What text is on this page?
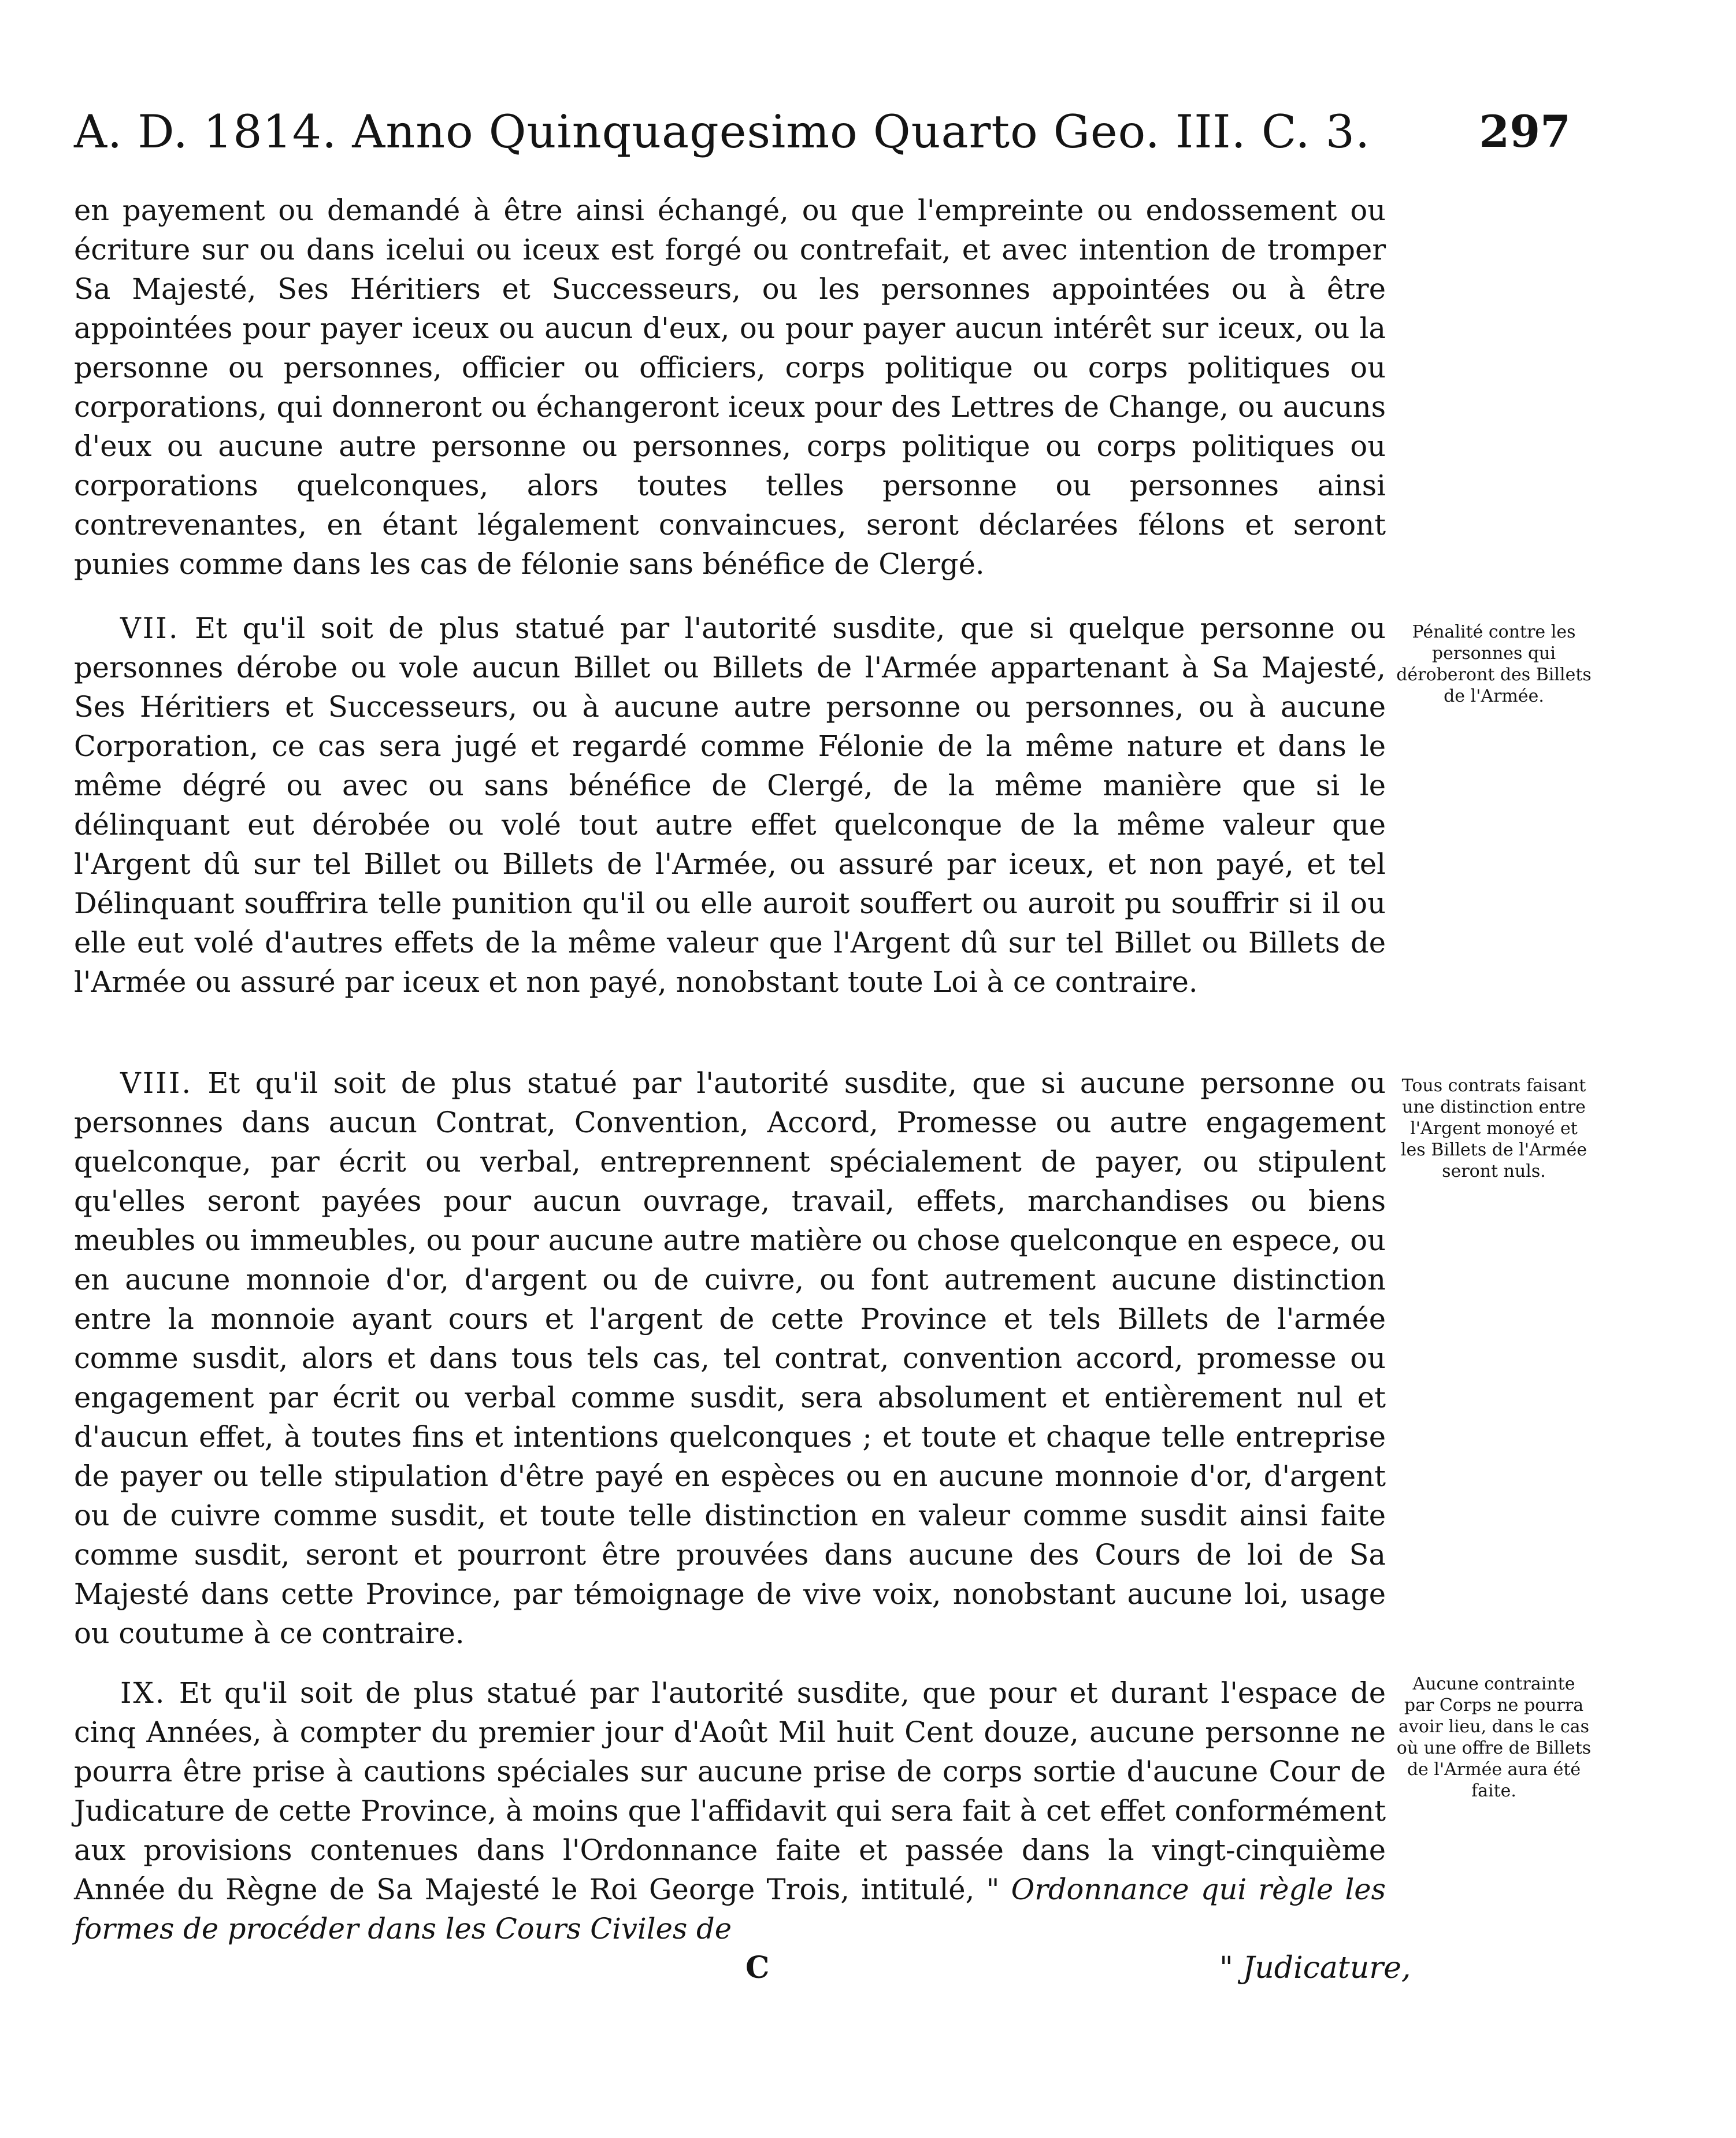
A. D. 1814. Anno Quinquagesimo Quarto Geo. III. C. 3. 297
en payement ou demandé à être ainsi échangé, ou que l'empreinte ou endossement ou écriture sur ou dans icelui ou iceux est forgé ou contrefait, et avec intention de tromper Sa Majesté, Ses Héritiers et Successeurs, ou les personnes appointées ou à être appointées pour payer iceux ou aucun d'eux, ou pour payer aucun intérêt sur iceux, ou la personne ou personnes, officier ou officiers, corps politique ou corps politiques ou corporations, qui donneront ou échangeront iceux pour des Lettres de Change, ou aucuns d'eux ou aucune autre personne ou personnes, corps politique ou corps politiques ou corporations quelconques, alors toutes telles personne ou personnes ainsi contrevenantes, en étant légalement convaincues, seront déclarées félons et seront punies comme dans les cas de félonie sans bénéfice de Clergé.
VII. Et qu'il soit de plus statué par l'autorité susdite, que si quelque personne ou personnes dérobe ou vole aucun Billet ou Billets de l'Armée appartenant à Sa Majesté, Ses Héritiers et Successeurs, ou à aucune autre personne ou personnes, ou à aucune Corporation, ce cas sera jugé et regardé comme Félonie de la même nature et dans le même dégré ou avec ou sans bénéfice de Clergé, de la même manière que si le délinquant eut dérobée ou volé tout autre effet quelconque de la même valeur que l'Argent dû sur tel Billet ou Billets de l'Armée, ou assuré par iceux, et non payé, et tel Délinquant souffrira telle punition qu'il ou elle auroit souffert ou auroit pu souffrir si il ou elle eut volé d'autres effets de la même valeur que l'Argent dû sur tel Billet ou Billets de l'Armée ou assuré par iceux et non payé, nonobstant toute Loi à ce contraire.
VIII. Et qu'il soit de plus statué par l'autorité susdite, que si aucune personne ou personnes dans aucun Contrat, Convention, Accord, Promesse ou autre engagement quelconque, par écrit ou verbal, entreprennent spécialement de payer, ou stipulent qu'elles seront payées pour aucun ouvrage, travail, effets, marchandises ou biens meubles ou immeubles, ou pour aucune autre matière ou chose quelconque en espece, ou en aucune monnoie d'or, d'argent ou de cuivre, ou font autrement aucune distinction entre la monnoie ayant cours et l'argent de cette Province et tels Billets de l'armée comme susdit, alors et dans tous tels cas, tel contrat, convention accord, promesse ou engagement par écrit ou verbal comme susdit, sera absolument et entièrement nul et d'aucun effet, à toutes fins et intentions quelconques ; et toute et chaque telle entreprise de payer ou telle stipulation d'être payé en espèces ou en aucune monnoie d'or, d'argent ou de cuivre comme susdit, et toute telle distinction en valeur comme susdit ainsi faite comme susdit, seront et pourront être prouvées dans aucune des Cours de loi de Sa Majesté dans cette Province, par témoignage de vive voix, nonobstant aucune loi, usage ou coutume à ce contraire.
IX. Et qu'il soit de plus statué par l'autorité susdite, que pour et durant l'espace de cinq Années, à compter du premier jour d'Août Mil huit Cent douze, aucune personne ne pourra être prise à cautions spéciales sur aucune prise de corps sortie d'aucune Cour de Judicature de cette Province, à moins que l'affidavit qui sera fait à cet effet conformément aux provisions contenues dans l'Ordonnance faite et passée dans la vingt-cinquième Année du Règne de Sa Majesté le Roi George Trois, intitulé, " Ordonnance qui règle les formes de procéder dans les Cours Civiles de
Pénalité contre les personnes qui déroberont des Billets de l'Armée.
Tous contrats faisant une distinction entre l'Argent monoyé et les Billets de l'Armée seront nuls.
Aucune contrainte par Corps ne pourra avoir lieu, dans le cas où une offre de Billets de l'Armée aura été faite.
C	" Judicature,
